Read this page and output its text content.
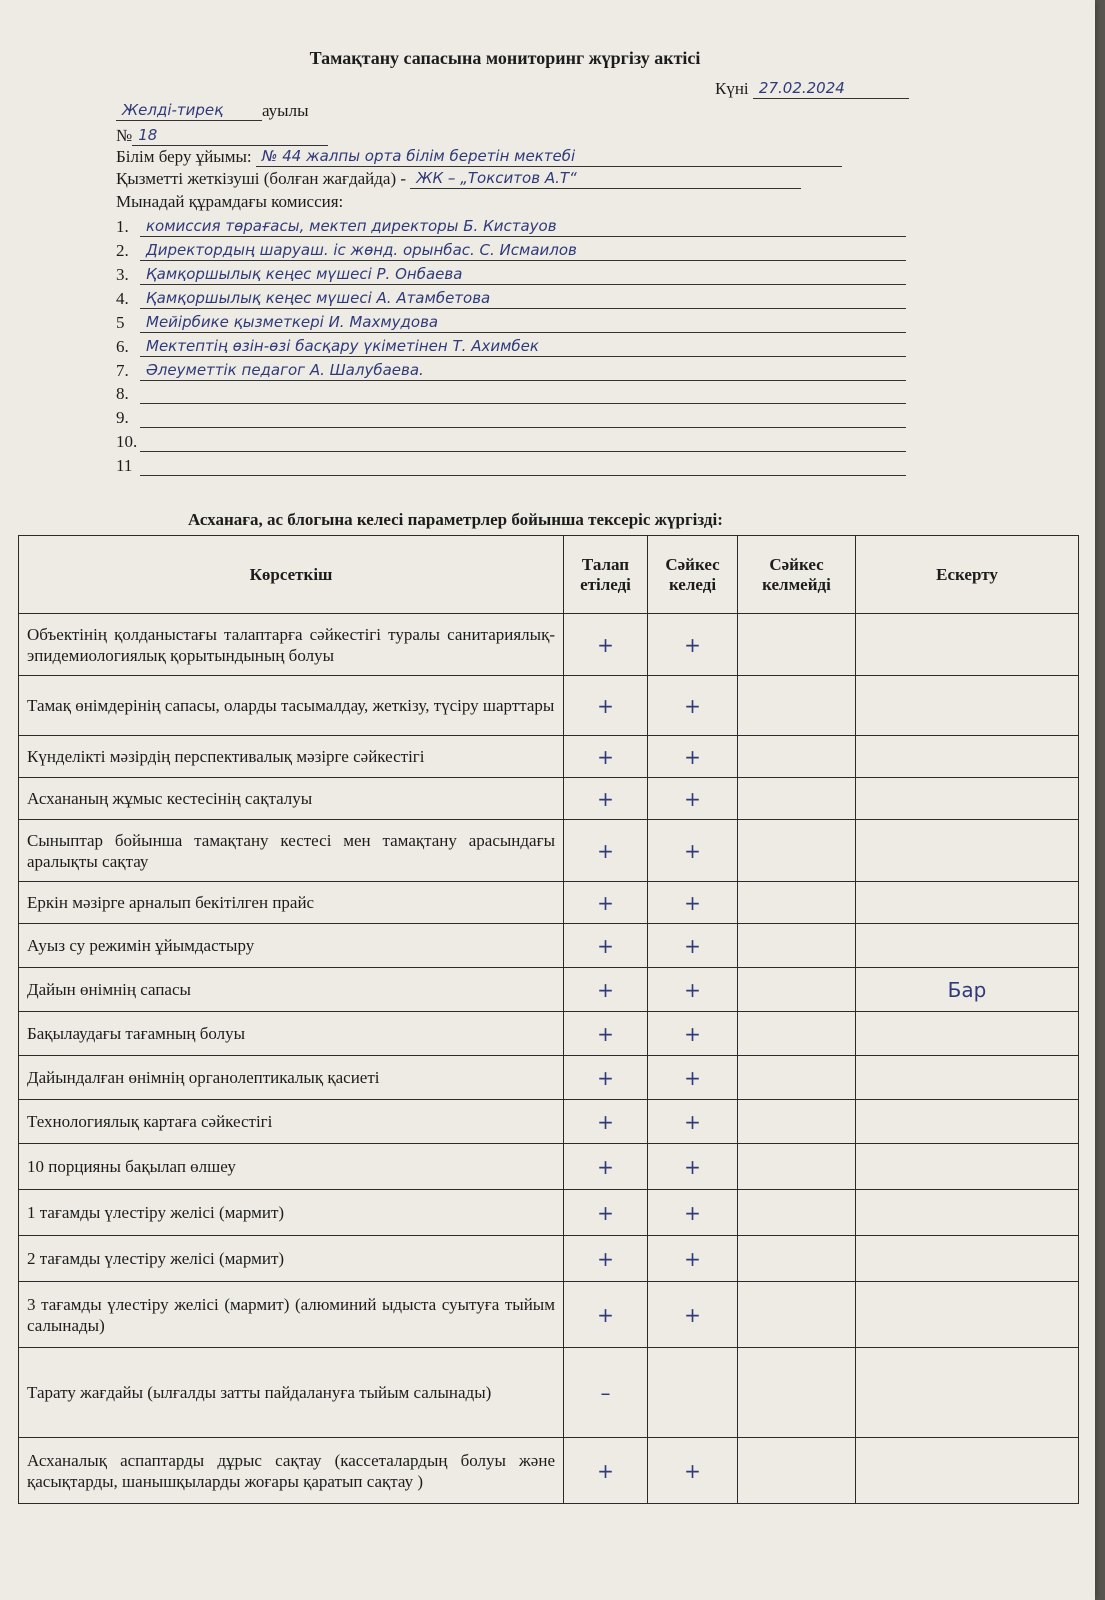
Тамақтану сапасына мониторинг жүргізу актісі
Күні 27.02.2024
Желді-тиреқ ауылы
№ 18
Білім беру ұйымы: № 44 жалпы орта білім беретін мектебі
Қызметті жеткізуші (болған жағдайда) - ЖК – „Токситов А.Т“
Мынадай құрамдағы комиссия:
1. комиссия төрағасы, мектеп директоры Б. Кистауов
2. Директордың шаруаш. іс жөнд. орынбас. С. Исмаилов
3. Қамқоршылық кеңес мүшесі Р. Онбаева
4. Қамқоршылық кеңес мүшесі А. Атамбетова
5 Мейірбике қызметкері И. Махмудова
6. Мектептің өзін-өзі басқару үкіметінен Т. Ахимбек
7. Әлеуметтік педагог А. Шалубаева.
8.
9.
10.
11
Асханаға, ас блогына келесі параметрлер бойынша тексеріс жүргізді:
Көрсеткіш	Талап етіледі	Сәйкес келеді	Сәйкес келмейді	Ескерту
Объектінің қолданыстағы талаптарға сәйкестігі туралы санитариялық-эпидемиологиялық қорытындының болуы	+	+		
Тамақ өнімдерінің сапасы, оларды тасымалдау, жеткізу, түсіру шарттары	+	+		
Күнделікті мәзірдің перспективалық мәзірге сәйкестігі	+	+		
Асхананың жұмыс кестесінің сақталуы	+	+		
Сыныптар бойынша тамақтану кестесі мен тамақтану арасындағы аралықты сақтау	+	+		
Еркін мәзірге арналып бекітілген прайс	+	+		
Ауыз су режимін ұйымдастыру	+	+		
Дайын өнімнің сапасы	+	+		Бар
Бақылаудағы тағамның болуы	+	+		
Дайындалған өнімнің органолептикалық қасиеті	+	+		
Технологиялық картаға сәйкестігі	+	+		
10 порцияны бақылап өлшеу	+	+		
1 тағамды үлестіру желісі (мармит)	+	+		
2 тағамды үлестіру желісі (мармит)	+	+		
3 тағамды үлестіру желісі (мармит) (алюминий ыдыста суытуға тыйым салынады)	+	+		
Тарату жағдайы (ылғалды затты пайдалануға тыйым салынады)	–			
Асханалық аспаптарды дұрыс сақтау (кассеталардың болуы және қасықтарды, шанышқыларды жоғары қаратып сақтау )	+	+		
